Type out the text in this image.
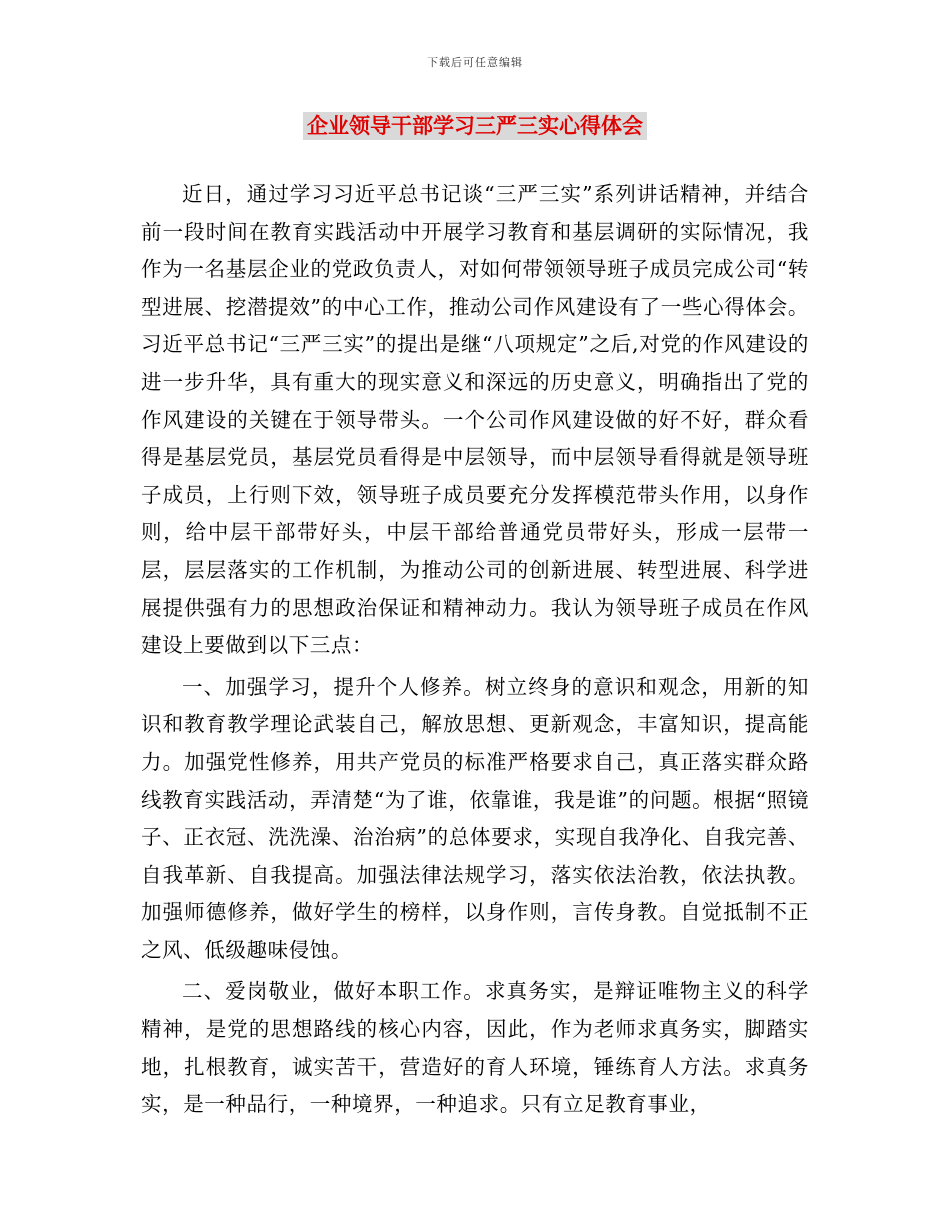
下载后可任意编辑
企业领导干部学习三严三实心得体会

近日，通过学习习近平总书记谈“三严三实”系列讲话精神，并结合前一段时间在教育实践活动中开展学习教育和基层调研的实际情况，我作为一名基层企业的党政负责人，对如何带领领导班子成员完成公司“转型进展、挖潜提效”的中心工作，推动公司作风建设有了一些心得体会。习近平总书记“三严三实”的提出是继“八项规定”之后,对党的作风建设的进一步升华，具有重大的现实意义和深远的历史意义，明确指出了党的作风建设的关键在于领导带头。一个公司作风建设做的好不好，群众看得是基层党员，基层党员看得是中层领导，而中层领导看得就是领导班子成员，上行则下效，领导班子成员要充分发挥模范带头作用，以身作则，给中层干部带好头，中层干部给普通党员带好头，形成一层带一层，层层落实的工作机制，为推动公司的创新进展、转型进展、科学进展提供强有力的思想政治保证和精神动力。我认为领导班子成员在作风建设上要做到以下三点：

一、加强学习，提升个人修养。树立终身的意识和观念，用新的知识和教育教学理论武装自己，解放思想、更新观念，丰富知识，提高能力。加强党性修养，用共产党员的标准严格要求自己，真正落实群众路线教育实践活动，弄清楚“为了谁，依靠谁，我是谁”的问题。根据“照镜子、正衣冠、洗洗澡、治治病”的总体要求，实现自我净化、自我完善、自我革新、自我提高。加强法律法规学习，落实依法治教，依法执教。加强师德修养，做好学生的榜样，以身作则，言传身教。自觉抵制不正之风、低级趣味侵蚀。

二、爱岗敬业，做好本职工作。求真务实，是辩证唯物主义的科学精神，是党的思想路线的核心内容，因此，作为老师求真务实，脚踏实地，扎根教育，诚实苦干，营造好的育人环境，锤练育人方法。求真务实，是一种品行，一种境界，一种追求。只有立足教育事业，
